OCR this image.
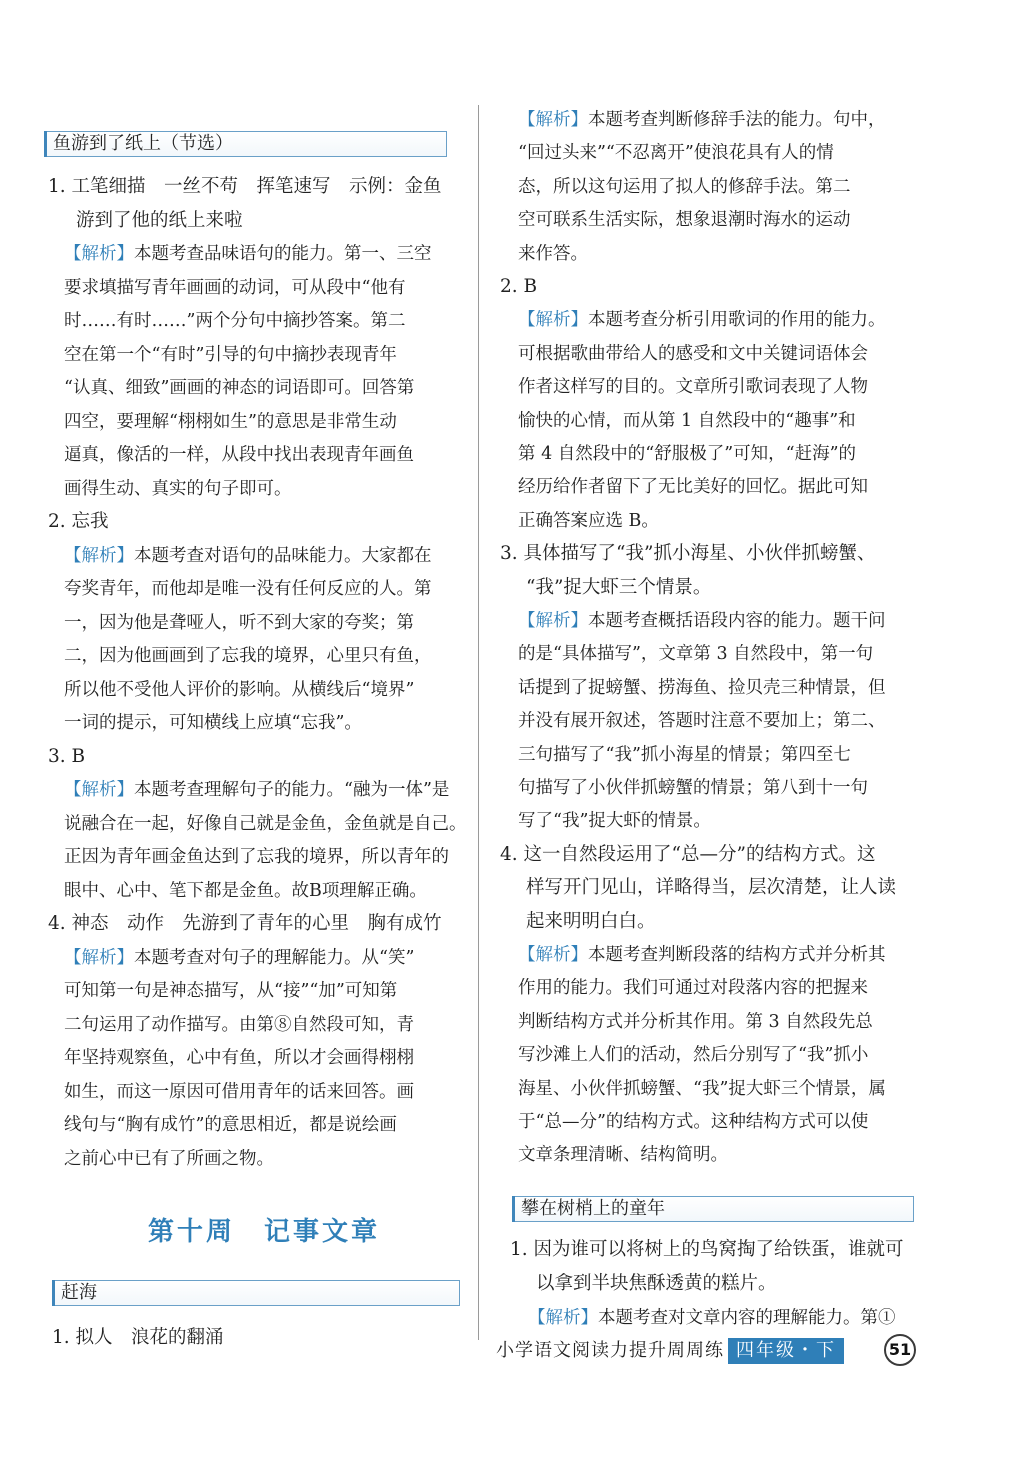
鱼游到了纸上（节选）
1. 工笔细描　一丝不苟　挥笔速写　示例：金鱼
游到了他的纸上来啦
【解析】本题考查品味语句的能力。第一、三空
要求填描写青年画画的动词，可从段中“他有
时……有时……”两个分句中摘抄答案。第二
空在第一个“有时”引导的句中摘抄表现青年
“认真、细致”画画的神态的词语即可。回答第
四空，要理解“栩栩如生”的意思是非常生动
逼真，像活的一样，从段中找出表现青年画鱼
画得生动、真实的句子即可。
2. 忘我
【解析】本题考查对语句的品味能力。大家都在
夸奖青年，而他却是唯一没有任何反应的人。第
一，因为他是聋哑人，听不到大家的夸奖；第
二，因为他画画到了忘我的境界，心里只有鱼，
所以他不受他人评价的影响。从横线后“境界”
一词的提示，可知横线上应填“忘我”。
3. B
【解析】本题考查理解句子的能力。“融为一体”是
说融合在一起，好像自己就是金鱼，金鱼就是自己。
正因为青年画金鱼达到了忘我的境界，所以青年的
眼中、心中、笔下都是金鱼。故B项理解正确。
4. 神态　动作　先游到了青年的心里　胸有成竹
【解析】本题考查对句子的理解能力。从“笑”
可知第一句是神态描写，从“接”“加”可知第
二句运用了动作描写。由第⑧自然段可知，青
年坚持观察鱼，心中有鱼，所以才会画得栩栩
如生，而这一原因可借用青年的话来回答。画
线句与“胸有成竹”的意思相近，都是说绘画
之前心中已有了所画之物。
赶海
1. 拟人　浪花的翻涌
第十周　记事文章
【解析】本题考查判断修辞手法的能力。句中，
“回过头来”“不忍离开”使浪花具有人的情
态，所以这句运用了拟人的修辞手法。第二
空可联系生活实际，想象退潮时海水的运动
来作答。
2. B
【解析】本题考查分析引用歌词的作用的能力。
可根据歌曲带给人的感受和文中关键词语体会
作者这样写的目的。文章所引歌词表现了人物
愉快的心情，而从第 1 自然段中的“趣事”和
第 4 自然段中的“舒服极了”可知，“赶海”的
经历给作者留下了无比美好的回忆。据此可知
正确答案应选 B。
3. 具体描写了“我”抓小海星、小伙伴抓螃蟹、
“我”捉大虾三个情景。
【解析】本题考查概括语段内容的能力。题干问
的是“具体描写”，文章第 3 自然段中，第一句
话提到了捉螃蟹、捞海鱼、捡贝壳三种情景，但
并没有展开叙述，答题时注意不要加上；第二、
三句描写了“我”抓小海星的情景；第四至七
句描写了小伙伴抓螃蟹的情景；第八到十一句
写了“我”捉大虾的情景。
4. 这一自然段运用了“总—分”的结构方式。这
样写开门见山，详略得当，层次清楚，让人读
起来明明白白。
【解析】本题考查判断段落的结构方式并分析其
作用的能力。我们可通过对段落内容的把握来
判断结构方式并分析其作用。第 3 自然段先总
写沙滩上人们的活动，然后分别写了“我”抓小
海星、小伙伴抓螃蟹、“我”捉大虾三个情景，属
于“总—分”的结构方式。这种结构方式可以使
文章条理清晰、结构简明。
攀在树梢上的童年
1. 因为谁可以将树上的鸟窝掏了给铁蛋，谁就可
以拿到半块焦酥透黄的糕片。
【解析】本题考查对文章内容的理解能力。第①
小学语文阅读力提升周周练 四年级・下	51
